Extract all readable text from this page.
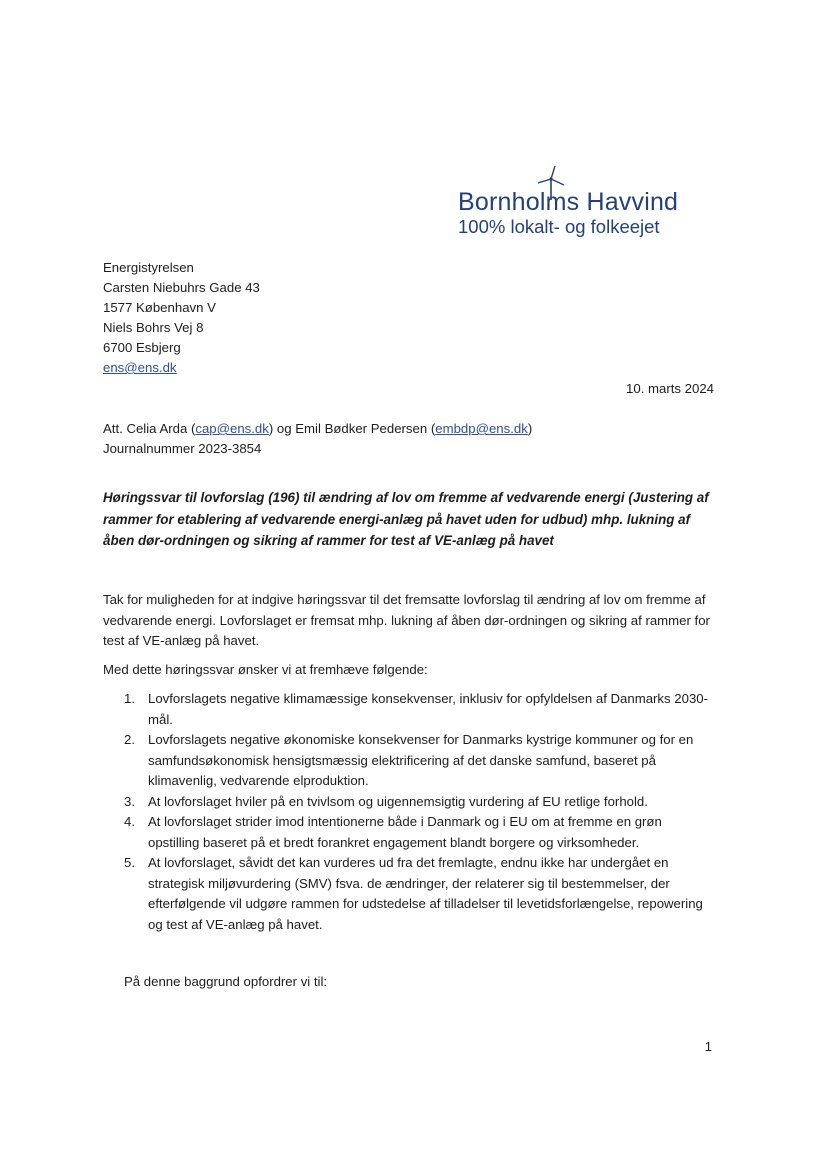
Bornholms Havvind
100% lokalt- og folkeejet
Energistyrelsen
Carsten Niebuhrs Gade 43
1577 København V
Niels Bohrs Vej 8
6700 Esbjerg
ens@ens.dk
10. marts 2024
Att. Celia Arda (cap@ens.dk) og Emil Bødker Pedersen (embdp@ens.dk)
Journalnummer 2023-3854
Høringssvar til lovforslag (196) til ændring af lov om fremme af vedvarende energi (Justering af rammer for etablering af vedvarende energi-anlæg på havet uden for udbud) mhp. lukning af åben dør-ordningen og sikring af rammer for test af VE-anlæg på havet
Tak for muligheden for at indgive høringssvar til det fremsatte lovforslag til ændring af lov om fremme af vedvarende energi. Lovforslaget er fremsat mhp. lukning af åben dør-ordningen og sikring af rammer for test af VE-anlæg på havet.
Med dette høringssvar ønsker vi at fremhæve følgende:
1. Lovforslagets negative klimamæssige konsekvenser, inklusiv for opfyldelsen af Danmarks 2030-mål.
2. Lovforslagets negative økonomiske konsekvenser for Danmarks kystrige kommuner og for en samfundsøkonomisk hensigtsmæssig elektrificering af det danske samfund, baseret på klimavenlig, vedvarende elproduktion.
3. At lovforslaget hviler på en tvivlsom og uigennemsigtig vurdering af EU retlige forhold.
4. At lovforslaget strider imod intentionerne både i Danmark og i EU om at fremme en grøn opstilling baseret på et bredt forankret engagement blandt borgere og virksomheder.
5. At lovforslaget, såvidt det kan vurderes ud fra det fremlagte, endnu ikke har undergået en strategisk miljøvurdering (SMV) fsva. de ændringer, der relaterer sig til bestemmelser, der efterfølgende vil udgøre rammen for udstedelse af tilladelser til levetidsforlængelse, repowering og test af VE-anlæg på havet.
På denne baggrund opfordrer vi til:
1
